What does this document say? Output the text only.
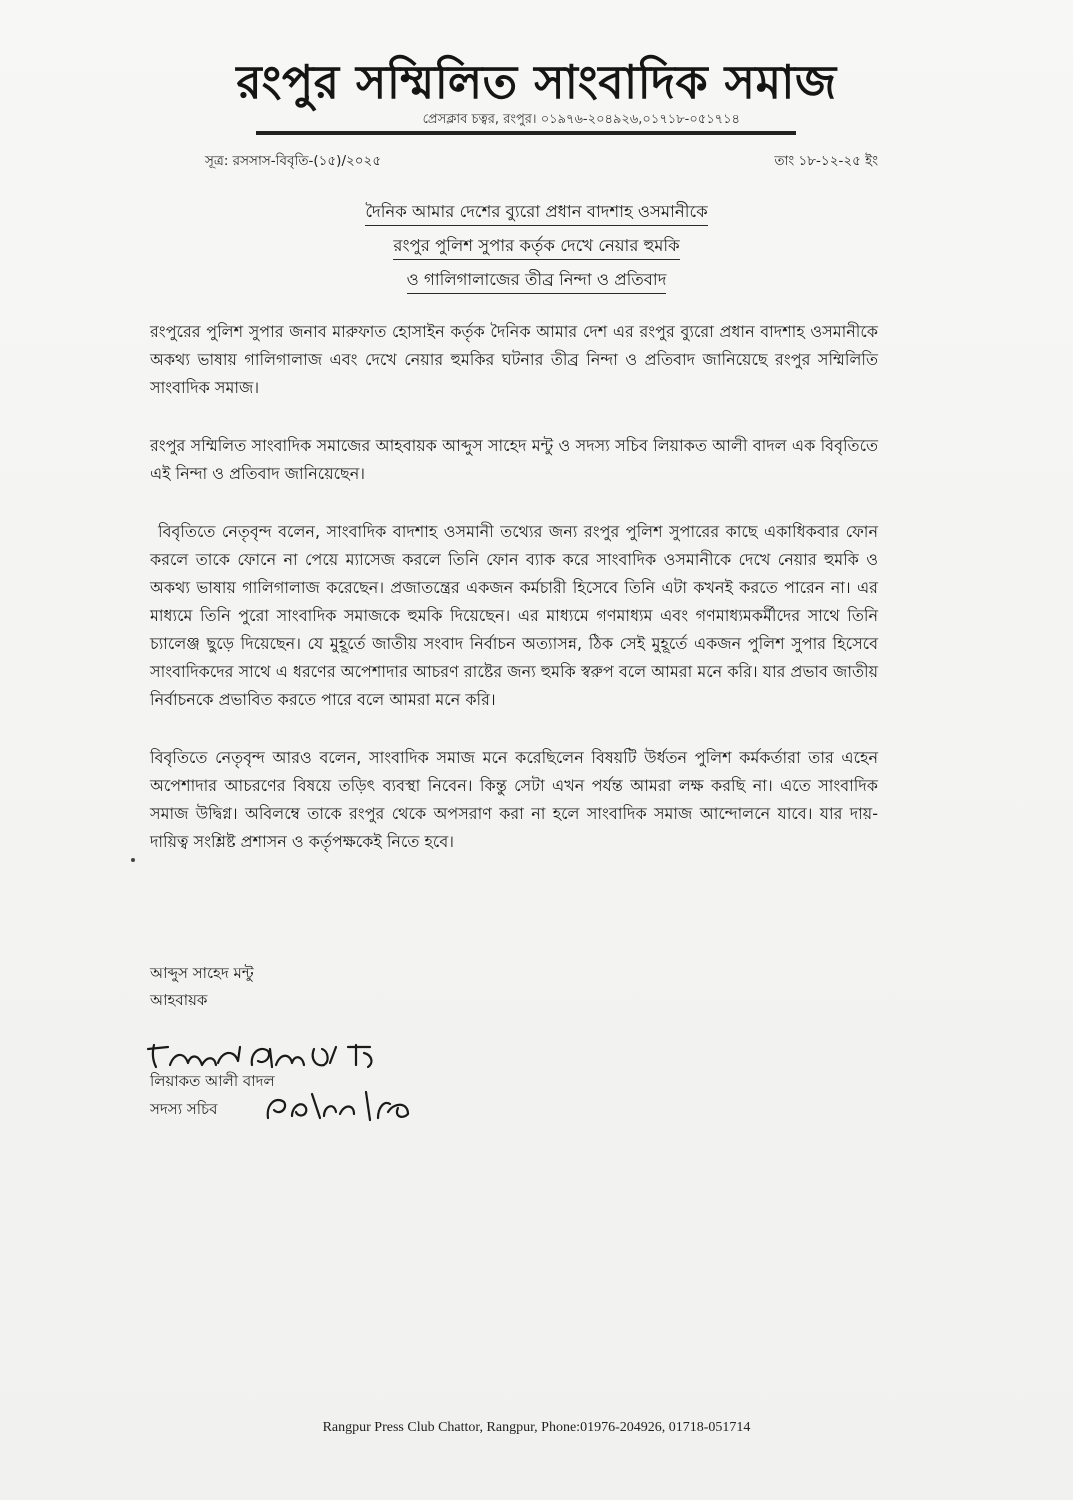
রংপুর সম্মিলিত সাংবাদিক সমাজ
প্রেসক্লাব চত্বর, রংপুর। ০১৯৭৬-২০৪৯২৬,০১৭১৮-০৫১৭১৪
সূত্র: রসসাস-বিবৃতি-(১৫)/২০২৫	তাং ১৮-১২-২৫ ইং
দৈনিক আমার দেশের ব্যুরো প্রধান বাদশাহ ওসমানীকে
রংপুর পুলিশ সুপার কর্তৃক দেখে নেয়ার হুমকি
ও গালিগালাজের তীব্র নিন্দা ও প্রতিবাদ

রংপুরের পুলিশ সুপার জনাব মারুফাত হোসাইন কর্তৃক দৈনিক আমার দেশ এর রংপুর ব্যুরো প্রধান বাদশাহ ওসমানীকে অকথ্য ভাষায় গালিগালাজ এবং দেখে নেয়ার হুমকির ঘটনার তীব্র নিন্দা ও প্রতিবাদ জানিয়েছে রংপুর সম্মিলিতি সাংবাদিক সমাজ।

রংপুর সম্মিলিত সাংবাদিক সমাজের আহবায়ক আব্দুস সাহেদ মন্টু ও সদস্য সচিব লিয়াকত আলী বাদল এক বিবৃতিতে এই নিন্দা ও প্রতিবাদ জানিয়েছেন।

বিবৃতিতে নেতৃবৃন্দ বলেন, সাংবাদিক বাদশাহ ওসমানী তথ্যের জন্য রংপুর পুলিশ সুপারের কাছে একাধিকবার ফোন করলে তাকে ফোনে না পেয়ে ম্যাসেজ করলে তিনি ফোন ব্যাক করে সাংবাদিক ওসমানীকে দেখে নেয়ার হুমকি ও অকথ্য ভাষায় গালিগালাজ করেছেন। প্রজাতন্ত্রের একজন কর্মচারী হিসেবে তিনি এটা কখনই করতে পারেন না। এর মাধ্যমে তিনি পুরো সাংবাদিক সমাজকে হুমকি দিয়েছেন। এর মাধ্যমে গণমাধ্যম এবং গণমাধ্যমকর্মীদের সাথে তিনি চ্যালেঞ্জ ছুড়ে দিয়েছেন। যে মুহূর্তে জাতীয় সংবাদ নির্বাচন অত্যাসন্ন, ঠিক সেই মুহূর্তে একজন পুলিশ সুপার হিসেবে সাংবাদিকদের সাথে এ ধরণের অপেশাদার আচরণ রাষ্টের জন্য হুমকি স্বরুপ বলে আমরা মনে করি। যার প্রভাব জাতীয় নির্বাচনকে প্রভাবিত করতে পারে বলে আমরা মনে করি।

বিবৃতিতে নেতৃবৃন্দ আরও বলেন, সাংবাদিক সমাজ মনে করেছিলেন বিষয়টি উর্ধতন পুলিশ কর্মকর্তারা তার এহেন অপেশাদার আচরণের বিষয়ে তড়িৎ ব্যবস্থা নিবেন। কিন্তু সেটা এখন পর্যন্ত আমরা লক্ষ করছি না। এতে সাংবাদিক সমাজ উদ্বিগ্ন। অবিলম্বে তাকে রংপুর থেকে অপসরাণ করা না হলে সাংবাদিক সমাজ আন্দোলনে যাবে। যার দায়-দায়িত্ব সংশ্লিষ্ট প্রশাসন ও কর্তৃপক্ষকেই নিতে হবে।

আব্দুস সাহেদ মন্টু
আহবায়ক
লিয়াকত আলী বাদল
সদস্য সচিব
Rangpur Press Club Chattor, Rangpur, Phone:01976-204926, 01718-051714
